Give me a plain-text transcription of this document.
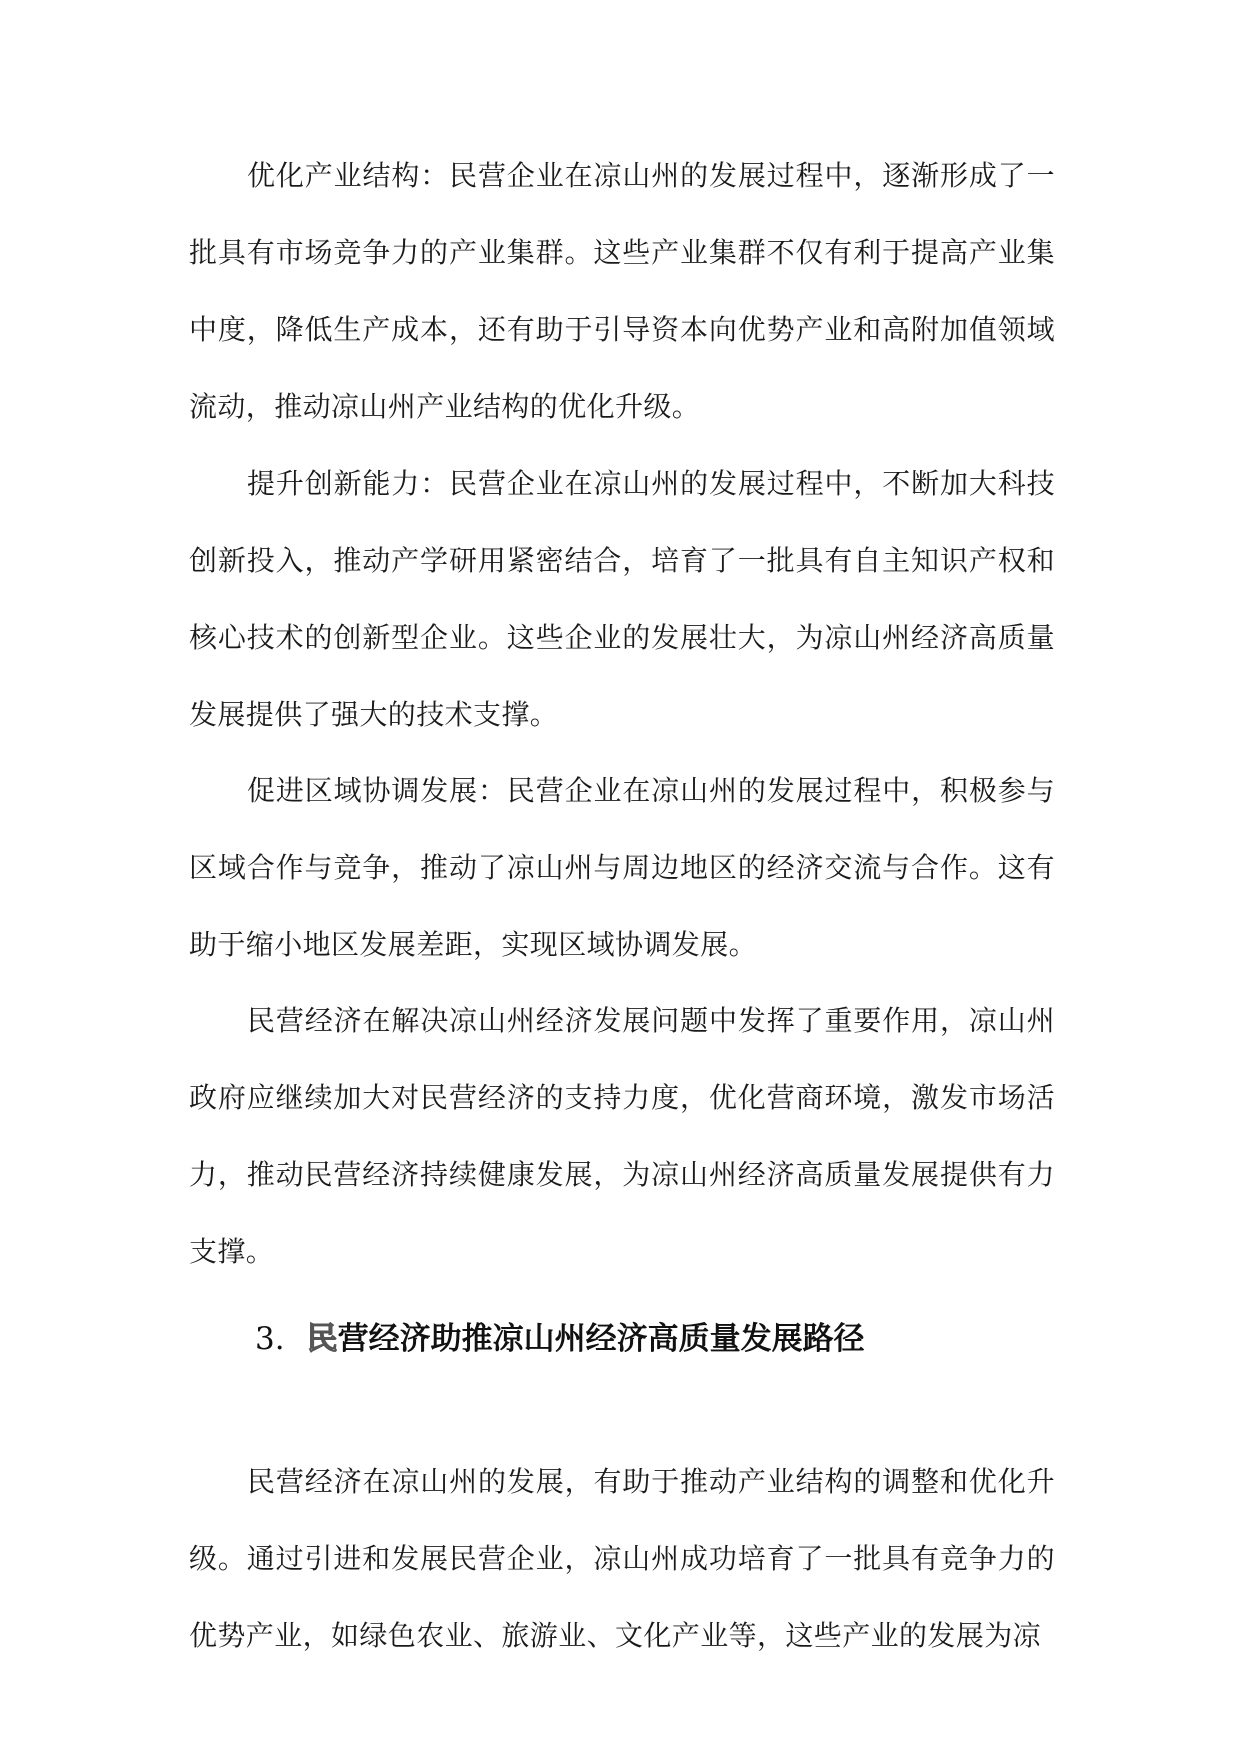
优化产业结构：民营企业在凉山州的发展过程中，逐渐形成了一批具有市场竞争力的产业集群。这些产业集群不仅有利于提高产业集中度，降低生产成本，还有助于引导资本向优势产业和高附加值领域流动，推动凉山州产业结构的优化升级。

提升创新能力：民营企业在凉山州的发展过程中，不断加大科技创新投入，推动产学研用紧密结合，培育了一批具有自主知识产权和核心技术的创新型企业。这些企业的发展壮大，为凉山州经济高质量发展提供了强大的技术支撑。

促进区域协调发展：民营企业在凉山州的发展过程中，积极参与区域合作与竞争，推动了凉山州与周边地区的经济交流与合作。这有助于缩小地区发展差距，实现区域协调发展。

民营经济在解决凉山州经济发展问题中发挥了重要作用，凉山州政府应继续加大对民营经济的支持力度，优化营商环境，激发市场活力，推动民营经济持续健康发展，为凉山州经济高质量发展提供有力支撑。

3. 民营经济助推凉山州经济高质量发展路径

民营经济在凉山州的发展，有助于推动产业结构的调整和优化升级。通过引进和发展民营企业，凉山州成功培育了一批具有竞争力的优势产业，如绿色农业、旅游业、文化产业等，这些产业的发展为凉
